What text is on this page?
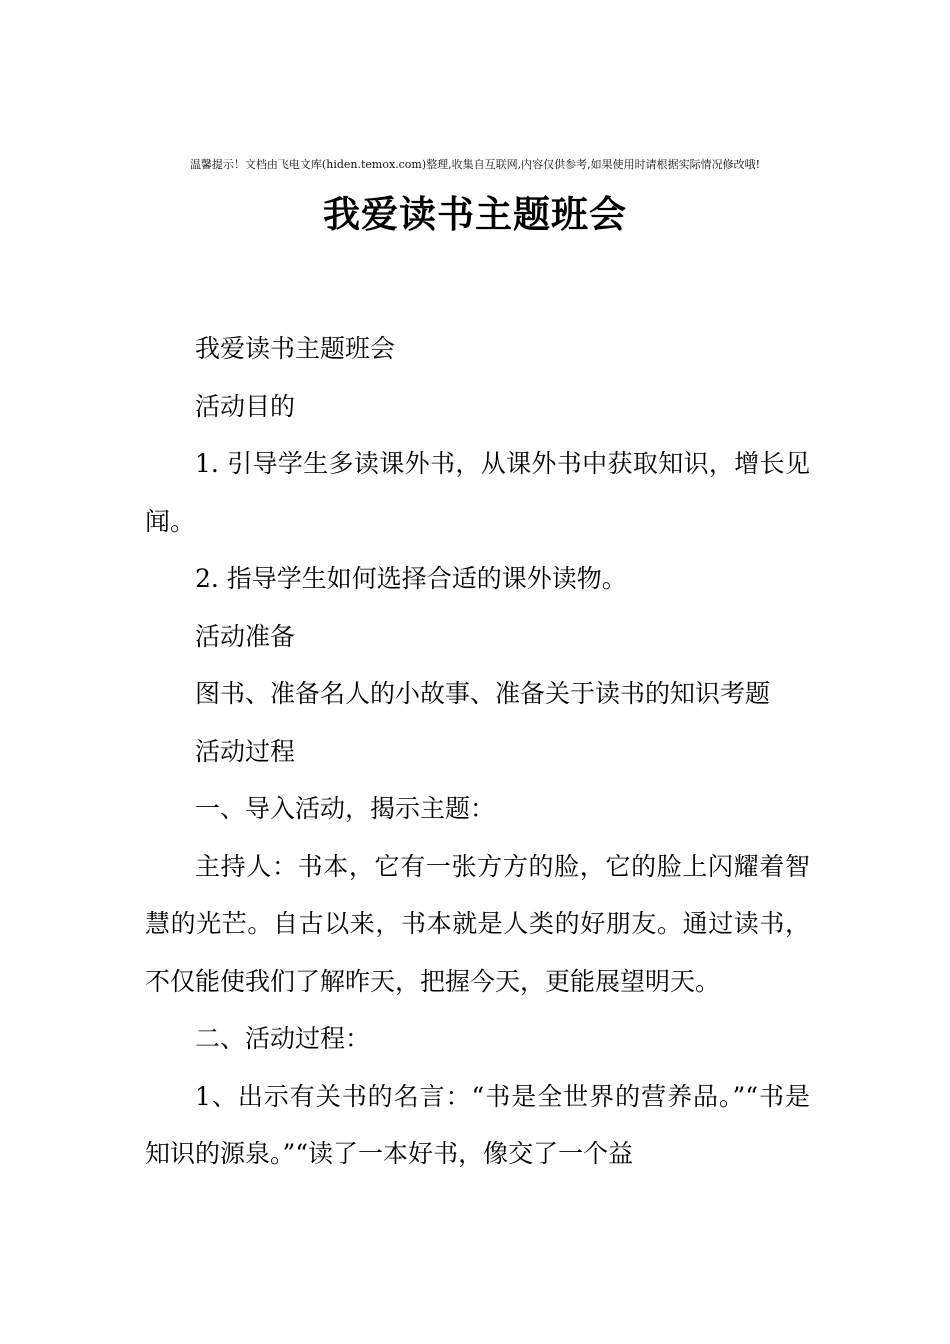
温馨提示！文档由飞电文库(hiden.temox.com)整理,收集自互联网,内容仅供参考,如果使用时请根据实际情况修改哦!
我爱读书主题班会

我爱读书主题班会

活动目的

1. 引导学生多读课外书，从课外书中获取知识，增长见闻。

2. 指导学生如何选择合适的课外读物。

活动准备

图书、准备名人的小故事、准备关于读书的知识考题

活动过程

一、导入活动，揭示主题：

主持人：书本，它有一张方方的脸，它的脸上闪耀着智慧的光芒。自古以来，书本就是人类的好朋友。通过读书，不仅能使我们了解昨天，把握今天，更能展望明天。

二、活动过程：

1、出示有关书的名言：“书是全世界的营养品。”“书是知识的源泉。”“读了一本好书，像交了一个益
